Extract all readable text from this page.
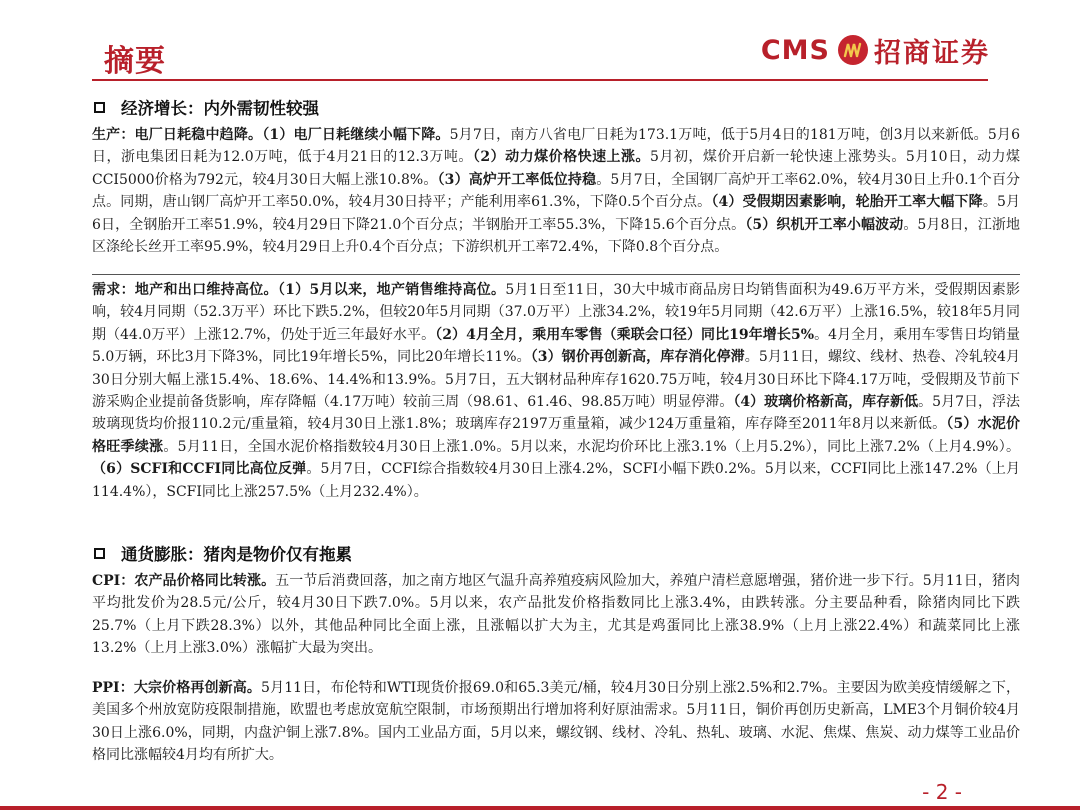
摘要	CMS 招商证券
经济增长：内外需韧性较强
生产：电厂日耗稳中趋降。（1）电厂日耗继续小幅下降。5月7日，南方八省电厂日耗为173.1万吨，低于5月4日的181万吨，创3月以来新低。5月6日，浙电集团日耗为12.0万吨，低于4月21日的12.3万吨。（2）动力煤价格快速上涨。5月初，煤价开启新一轮快速上涨势头。5月10日，动力煤CCI5000价格为792元，较4月30日大幅上涨10.8%。（3）高炉开工率低位持稳。5月7日，全国钢厂高炉开工率62.0%，较4月30日上升0.1个百分点。同期，唐山钢厂高炉开工率50.0%，较4月30日持平；产能利用率61.3%，下降0.5个百分点。（4）受假期因素影响，轮胎开工率大幅下降。5月6日，全钢胎开工率51.9%，较4月29日下降21.0个百分点；半钢胎开工率55.3%，下降15.6个百分点。（5）织机开工率小幅波动。5月8日，江浙地区涤纶长丝开工率95.9%，较4月29日上升0.4个百分点；下游织机开工率72.4%，下降0.8个百分点。
需求：地产和出口维持高位。（1）5月以来，地产销售维持高位。5月1日至11日，30大中城市商品房日均销售面积为49.6万平方米，受假期因素影响，较4月同期（52.3万平）环比下跌5.2%，但较20年5月同期（37.0万平）上涨34.2%，较19年5月同期（42.6万平）上涨16.5%，较18年5月同期（44.0万平）上涨12.7%，仍处于近三年最好水平。（2）4月全月，乘用车零售（乘联会口径）同比19年增长5%。4月全月，乘用车零售日均销量5.0万辆，环比3月下降3%，同比19年增长5%，同比20年增长11%。（3）钢价再创新高，库存消化停滞。5月11日，螺纹、线材、热卷、冷轧较4月30日分别大幅上涨15.4%、18.6%、14.4%和13.9%。5月7日，五大钢材品种库存1620.75万吨，较4月30日环比下降4.17万吨，受假期及节前下游采购企业提前备货影响，库存降幅（4.17万吨）较前三周（98.61、61.46、98.85万吨）明显停滞。（4）玻璃价格新高，库存新低。5月7日，浮法玻璃现货均价报110.2元/重量箱，较4月30日上涨1.8%；玻璃库存2197万重量箱，减少124万重量箱，库存降至2011年8月以来新低。（5）水泥价格旺季续涨。5月11日，全国水泥价格指数较4月30日上涨1.0%。5月以来，水泥均价环比上涨3.1%（上月5.2%），同比上涨7.2%（上月4.9%）。（6）SCFI和CCFI同比高位反弹。5月7日，CCFI综合指数较4月30日上涨4.2%，SCFI小幅下跌0.2%。5月以来，CCFI同比上涨147.2%（上月114.4%），SCFI同比上涨257.5%（上月232.4%）。
通货膨胀：猪肉是物价仅有拖累
CPI：农产品价格同比转涨。五一节后消费回落，加之南方地区气温升高养殖疫病风险加大，养殖户清栏意愿增强，猪价进一步下行。5月11日，猪肉平均批发价为28.5元/公斤，较4月30日下跌7.0%。5月以来，农产品批发价格指数同比上涨3.4%，由跌转涨。分主要品种看，除猪肉同比下跌25.7%（上月下跌28.3%）以外，其他品种同比全面上涨，且涨幅以扩大为主，尤其是鸡蛋同比上涨38.9%（上月上涨22.4%）和蔬菜同比上涨13.2%（上月上涨3.0%）涨幅扩大最为突出。
PPI：大宗价格再创新高。5月11日，布伦特和WTI现货价报69.0和65.3美元/桶，较4月30日分别上涨2.5%和2.7%。主要因为欧美疫情缓解之下，美国多个州放宽防疫限制措施，欧盟也考虑放宽航空限制，市场预期出行增加将利好原油需求。5月11日，铜价再创历史新高，LME3个月铜价较4月30日上涨6.0%，同期，内盘沪铜上涨7.8%。国内工业品方面，5月以来，螺纹钢、线材、冷轧、热轧、玻璃、水泥、焦煤、焦炭、动力煤等工业品价格同比涨幅较4月均有所扩大。
- 2 -
